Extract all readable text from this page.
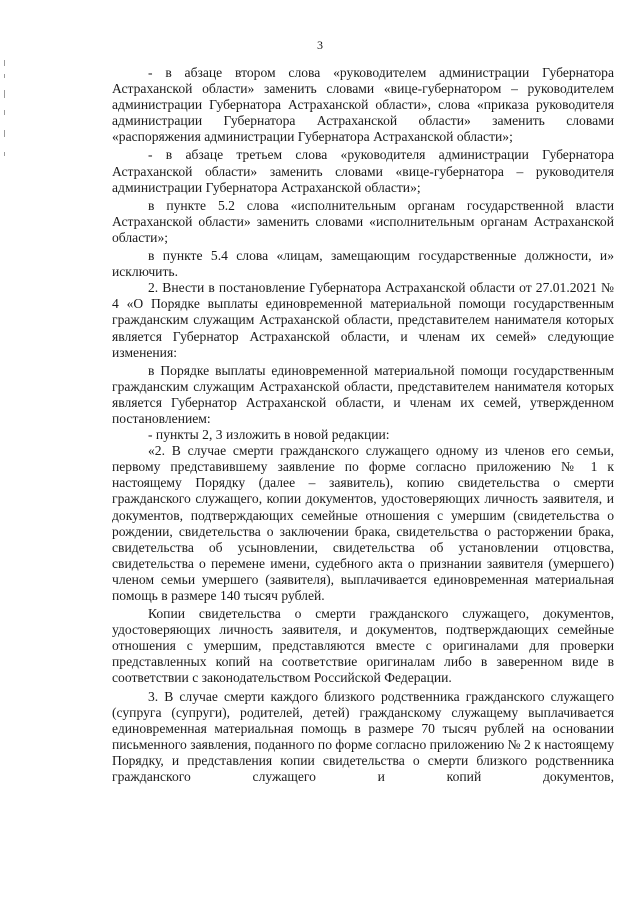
3

- в абзаце втором слова «руководителем администрации Губернатора Астраханской области» заменить словами «вице-губернатором – руководителем администрации Губернатора Астраханской области», слова «приказа руководителя администрации Губернатора Астраханской области» заменить словами «распоряжения администрации Губернатора Астраханской области»;

- в абзаце третьем слова «руководителя администрации Губернатора Астраханской области» заменить словами «вице-губернатора – руководителя администрации Губернатора Астраханской области»;

в пункте 5.2 слова «исполнительным органам государственной власти Астраханской области» заменить словами «исполнительным органам Астраханской области»;

в пункте 5.4 слова «лицам, замещающим государственные должности, и» исключить.

2. Внести в постановление Губернатора Астраханской области от 27.01.2021 № 4 «О Порядке выплаты единовременной материальной помощи государственным гражданским служащим Астраханской области, представителем нанимателя которых является Губернатор Астраханской области, и членам их семей» следующие изменения:

в Порядке выплаты единовременной материальной помощи государственным гражданским служащим Астраханской области, представителем нанимателя которых является Губернатор Астраханской области, и членам их семей, утвержденном постановлением:

- пункты 2, 3 изложить в новой редакции:

«2. В случае смерти гражданского служащего одному из членов его семьи, первому представившему заявление по форме согласно приложению № 1 к настоящему Порядку (далее – заявитель), копию свидетельства о смерти гражданского служащего, копии документов, удостоверяющих личность заявителя, и документов, подтверждающих семейные отношения с умершим (свидетельства о рождении, свидетельства о заключении брака, свидетельства о расторжении брака, свидетельства об усыновлении, свидетельства об установлении отцовства, свидетельства о перемене имени, судебного акта о признании заявителя (умершего) членом семьи умершего (заявителя), выплачивается единовременная материальная помощь в размере 140 тысяч рублей.

Копии свидетельства о смерти гражданского служащего, документов, удостоверяющих личность заявителя, и документов, подтверждающих семейные отношения с умершим, представляются вместе с оригиналами для проверки представленных копий на соответствие оригиналам либо в заверенном виде в соответствии с законодательством Российской Федерации.

3. В случае смерти каждого близкого родственника гражданского служащего (супруга (супруги), родителей, детей) гражданскому служащему выплачивается единовременная материальная помощь в размере 70 тысяч рублей на основании письменного заявления, поданного по форме согласно приложению № 2 к настоящему Порядку, и представления копии свидетельства о смерти близкого родственника гражданского служащего и копий документов,
